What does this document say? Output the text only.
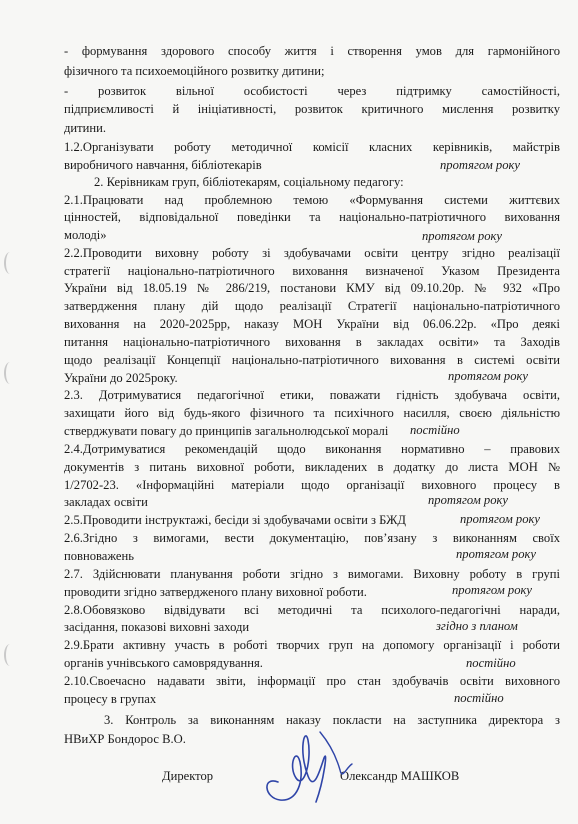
- формування здорового способу життя і створення умов для гармонійного
фізичного та психоемоційного розвитку дитини;
- розвиток вільної особистості через підтримку самостійності,
підприємливості й ініціативності, розвиток критичного мислення розвитку
дитини.
1.2.Організувати роботу методичної комісії класних керівників, майстрів
виробничого навчання, бібліотекарів	протягом року
2. Керівникам груп, бібліотекарям, соціальному педагогу:
2.1.Працювати над проблемною темою «Формування системи життєвих
цінностей, відповідальної поведінки та національно-патріотичного виховання
молоді»	протягом року
2.2.Проводити виховну роботу зі здобувачами освіти центру згідно реалізації
стратегії національно-патріотичного виховання визначеної Указом Президента
України від 18.05.19 № 286/219, постанови КМУ від 09.10.20р. № 932 «Про
затвердження плану дій щодо реалізації Стратегії національно-патріотичного
виховання на 2020-2025рр, наказу МОН України від 06.06.22р. «Про деякі
питання національно-патріотичного виховання в закладах освіти» та Заходів
щодо реалізації Концепції національно-патріотичного виховання в системі освіти
України до 2025року.	протягом року
2.3. Дотримуватися педагогічної етики, поважати гідність здобувача освіти,
захищати його від будь-якого фізичного та психічного насилля, своєю діяльністю
стверджувати повагу до принципів загальнолюдської моралі	постійно
2.4.Дотримуватися рекомендацій щодо виконання нормативно – правових
документів з питань виховної роботи, викладених в додатку до листа МОН №
1/2702-23. «Інформаційні матеріали щодо організації виховного процесу в
закладах освіти	протягом року
2.5.Проводити інструктажі, бесіди зі здобувачами освіти з БЖД	протягом року
2.6.Згідно з вимогами, вести документацію, пов’язану з виконанням своїх
повноважень	протягом року
2.7. Здійснювати планування роботи згідно з вимогами. Виховну роботу в групі
проводити згідно затвердженого плану виховної роботи.	протягом року
2.8.Обовязково відвідувати всі методичні та психолого-педагогічні наради,
засідання, показові виховні заходи	згідно з планом
2.9.Брати активну участь в роботі творчих груп на допомогу організації і роботи
органів учнівського самоврядування.	постійно
2.10.Своечасно надавати звіти, інформації про стан здобувачів освіти виховного
процесу в групах	постійно
3. Контроль за виконанням наказу покласти на заступника директора з
НВиХР Бондорос В.О.
Директор	Олександр МАШКОВ
